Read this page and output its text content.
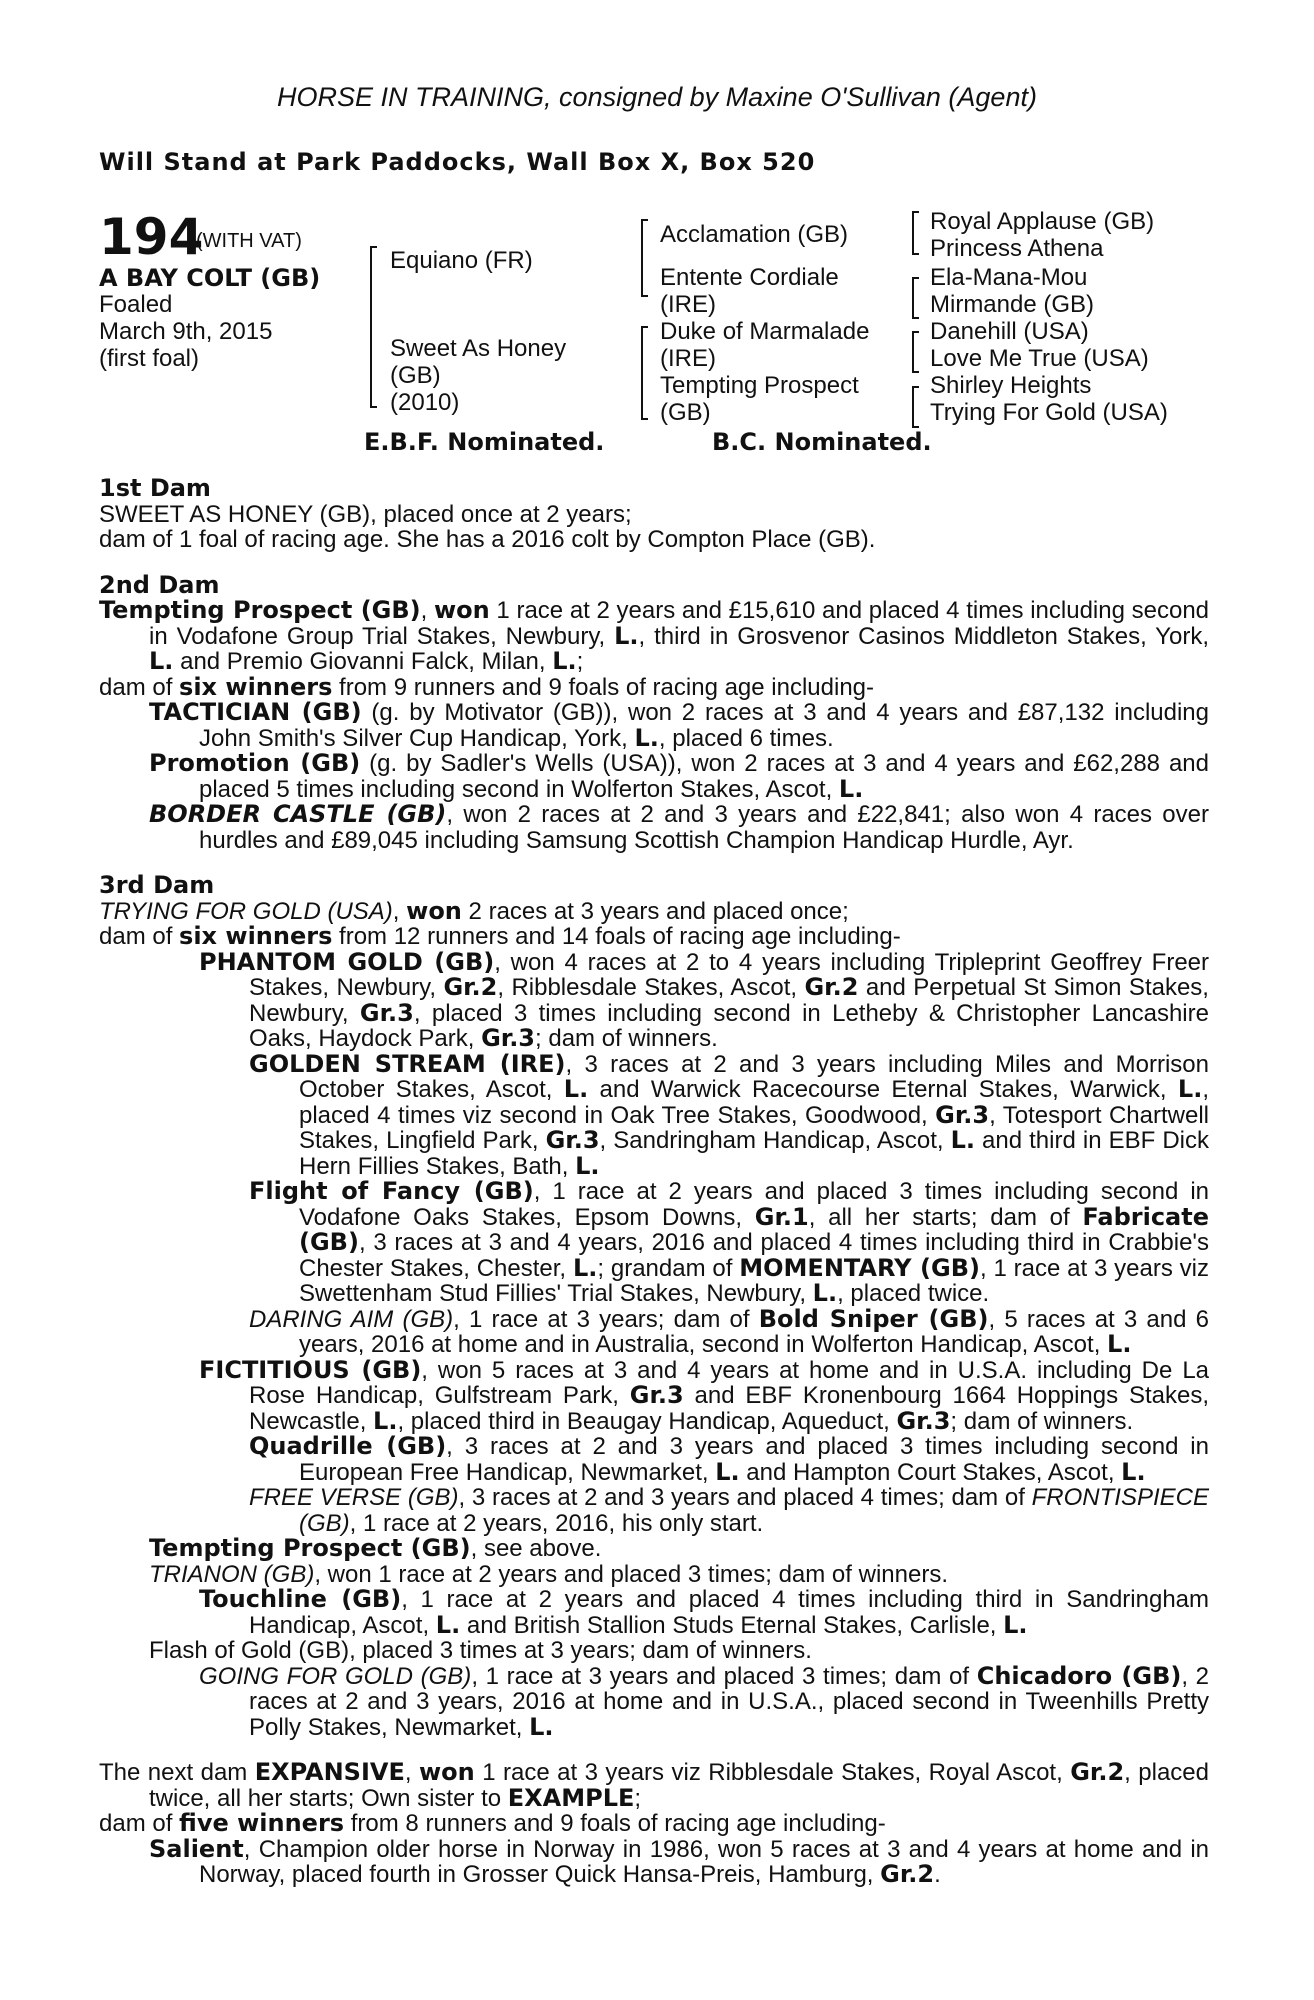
HORSE IN TRAINING, consigned by Maxine O'Sullivan (Agent)
Will Stand at Park Paddocks, Wall Box X, Box 520
194
(WITH VAT)
A BAY COLT (GB)
Foaled
March 9th, 2015
(first foal)
Equiano (FR)
Sweet As Honey
(GB)
(2010)
Acclamation (GB)
Entente Cordiale
(IRE)
Duke of Marmalade
(IRE)
Tempting Prospect
(GB)
Royal Applause (GB)
Princess Athena
Ela-Mana-Mou
Mirmande (GB)
Danehill (USA)
Love Me True (USA)
Shirley Heights
Trying For Gold (USA)
E.B.F. Nominated.	B.C. Nominated.

1st Dam

SWEET AS HONEY (GB), placed once at 2 years;

dam of 1 foal of racing age. She has a 2016 colt by Compton Place (GB).

2nd Dam

Tempting Prospect (GB), won 1 race at 2 years and £15,610 and placed 4 times including second in Vodafone Group Trial Stakes, Newbury, L., third in Grosvenor Casinos Middleton Stakes, York, L. and Premio Giovanni Falck, Milan, L.;

dam of six winners from 9 runners and 9 foals of racing age including-

TACTICIAN (GB) (g. by Motivator (GB)), won 2 races at 3 and 4 years and £87,132 including John Smith's Silver Cup Handicap, York, L., placed 6 times.

Promotion (GB) (g. by Sadler's Wells (USA)), won 2 races at 3 and 4 years and £62,288 and placed 5 times including second in Wolferton Stakes, Ascot, L.

BORDER CASTLE (GB), won 2 races at 2 and 3 years and £22,841; also won 4 races over hurdles and £89,045 including Samsung Scottish Champion Handicap Hurdle, Ayr.

3rd Dam

TRYING FOR GOLD (USA), won 2 races at 3 years and placed once;

dam of six winners from 12 runners and 14 foals of racing age including-

PHANTOM GOLD (GB), won 4 races at 2 to 4 years including Tripleprint Geoffrey Freer Stakes, Newbury, Gr.2, Ribblesdale Stakes, Ascot, Gr.2 and Perpetual St Simon Stakes, Newbury, Gr.3, placed 3 times including second in Letheby & Christopher Lancashire Oaks, Haydock Park, Gr.3; dam of winners.

GOLDEN STREAM (IRE), 3 races at 2 and 3 years including Miles and Morrison October Stakes, Ascot, L. and Warwick Racecourse Eternal Stakes, Warwick, L., placed 4 times viz second in Oak Tree Stakes, Goodwood, Gr.3, Totesport Chartwell Stakes, Lingfield Park, Gr.3, Sandringham Handicap, Ascot, L. and third in EBF Dick Hern Fillies Stakes, Bath, L.

Flight of Fancy (GB), 1 race at 2 years and placed 3 times including second in Vodafone Oaks Stakes, Epsom Downs, Gr.1, all her starts; dam of Fabricate (GB), 3 races at 3 and 4 years, 2016 and placed 4 times including third in Crabbie's Chester Stakes, Chester, L.; grandam of MOMENTARY (GB), 1 race at 3 years viz Swettenham Stud Fillies' Trial Stakes, Newbury, L., placed twice.

DARING AIM (GB), 1 race at 3 years; dam of Bold Sniper (GB), 5 races at 3 and 6 years, 2016 at home and in Australia, second in Wolferton Handicap, Ascot, L.

FICTITIOUS (GB), won 5 races at 3 and 4 years at home and in U.S.A. including De La Rose Handicap, Gulfstream Park, Gr.3 and EBF Kronenbourg 1664 Hoppings Stakes, Newcastle, L., placed third in Beaugay Handicap, Aqueduct, Gr.3; dam of winners.

Quadrille (GB), 3 races at 2 and 3 years and placed 3 times including second in European Free Handicap, Newmarket, L. and Hampton Court Stakes, Ascot, L.

FREE VERSE (GB), 3 races at 2 and 3 years and placed 4 times; dam of FRONTISPIECE (GB), 1 race at 2 years, 2016, his only start.

Tempting Prospect (GB), see above.

TRIANON (GB), won 1 race at 2 years and placed 3 times; dam of winners.

Touchline (GB), 1 race at 2 years and placed 4 times including third in Sandringham Handicap, Ascot, L. and British Stallion Studs Eternal Stakes, Carlisle, L.

Flash of Gold (GB), placed 3 times at 3 years; dam of winners.

GOING FOR GOLD (GB), 1 race at 3 years and placed 3 times; dam of Chicadoro (GB), 2 races at 2 and 3 years, 2016 at home and in U.S.A., placed second in Tweenhills Pretty Polly Stakes, Newmarket, L.

The next dam EXPANSIVE, won 1 race at 3 years viz Ribblesdale Stakes, Royal Ascot, Gr.2, placed twice, all her starts; Own sister to EXAMPLE;

dam of five winners from 8 runners and 9 foals of racing age including-

Salient, Champion older horse in Norway in 1986, won 5 races at 3 and 4 years at home and in Norway, placed fourth in Grosser Quick Hansa-Preis, Hamburg, Gr.2.
